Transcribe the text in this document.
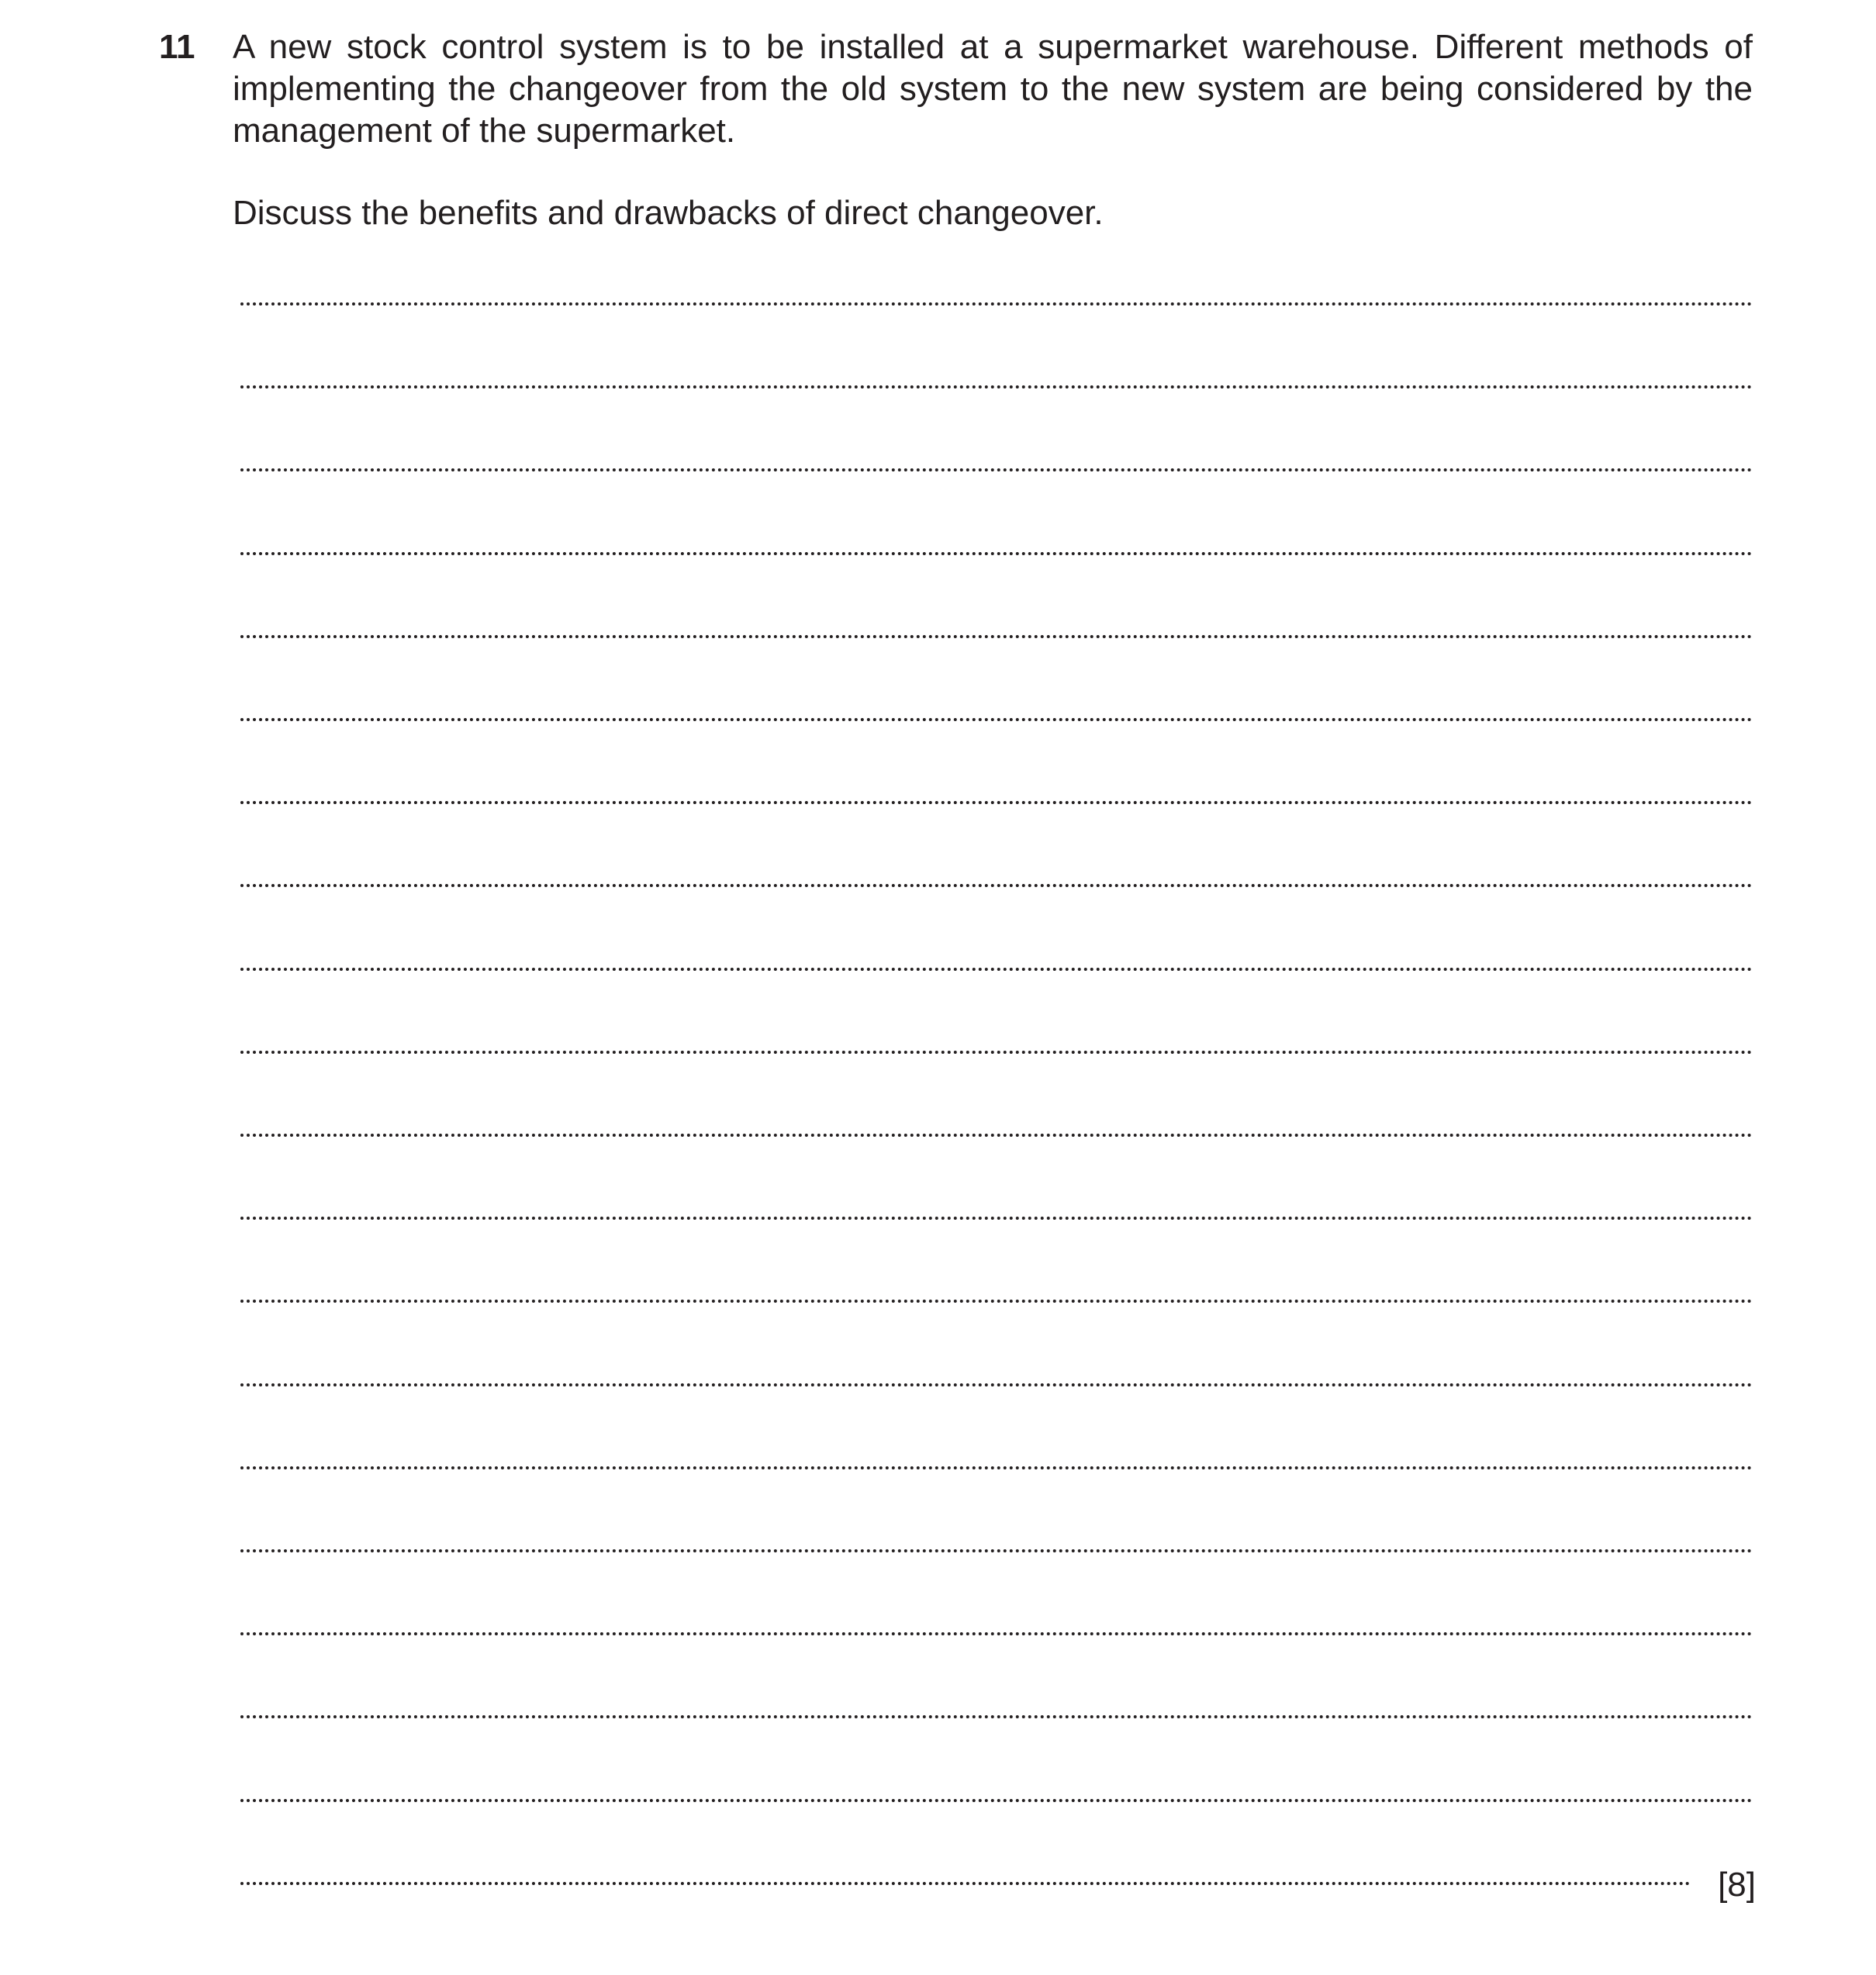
11 A new stock control system is to be installed at a supermarket warehouse. Different methods of
implementing the changeover from the old system to the new system are being considered by the
management of the supermarket.

Discuss the benefits and drawbacks of direct changeover.

[8]
